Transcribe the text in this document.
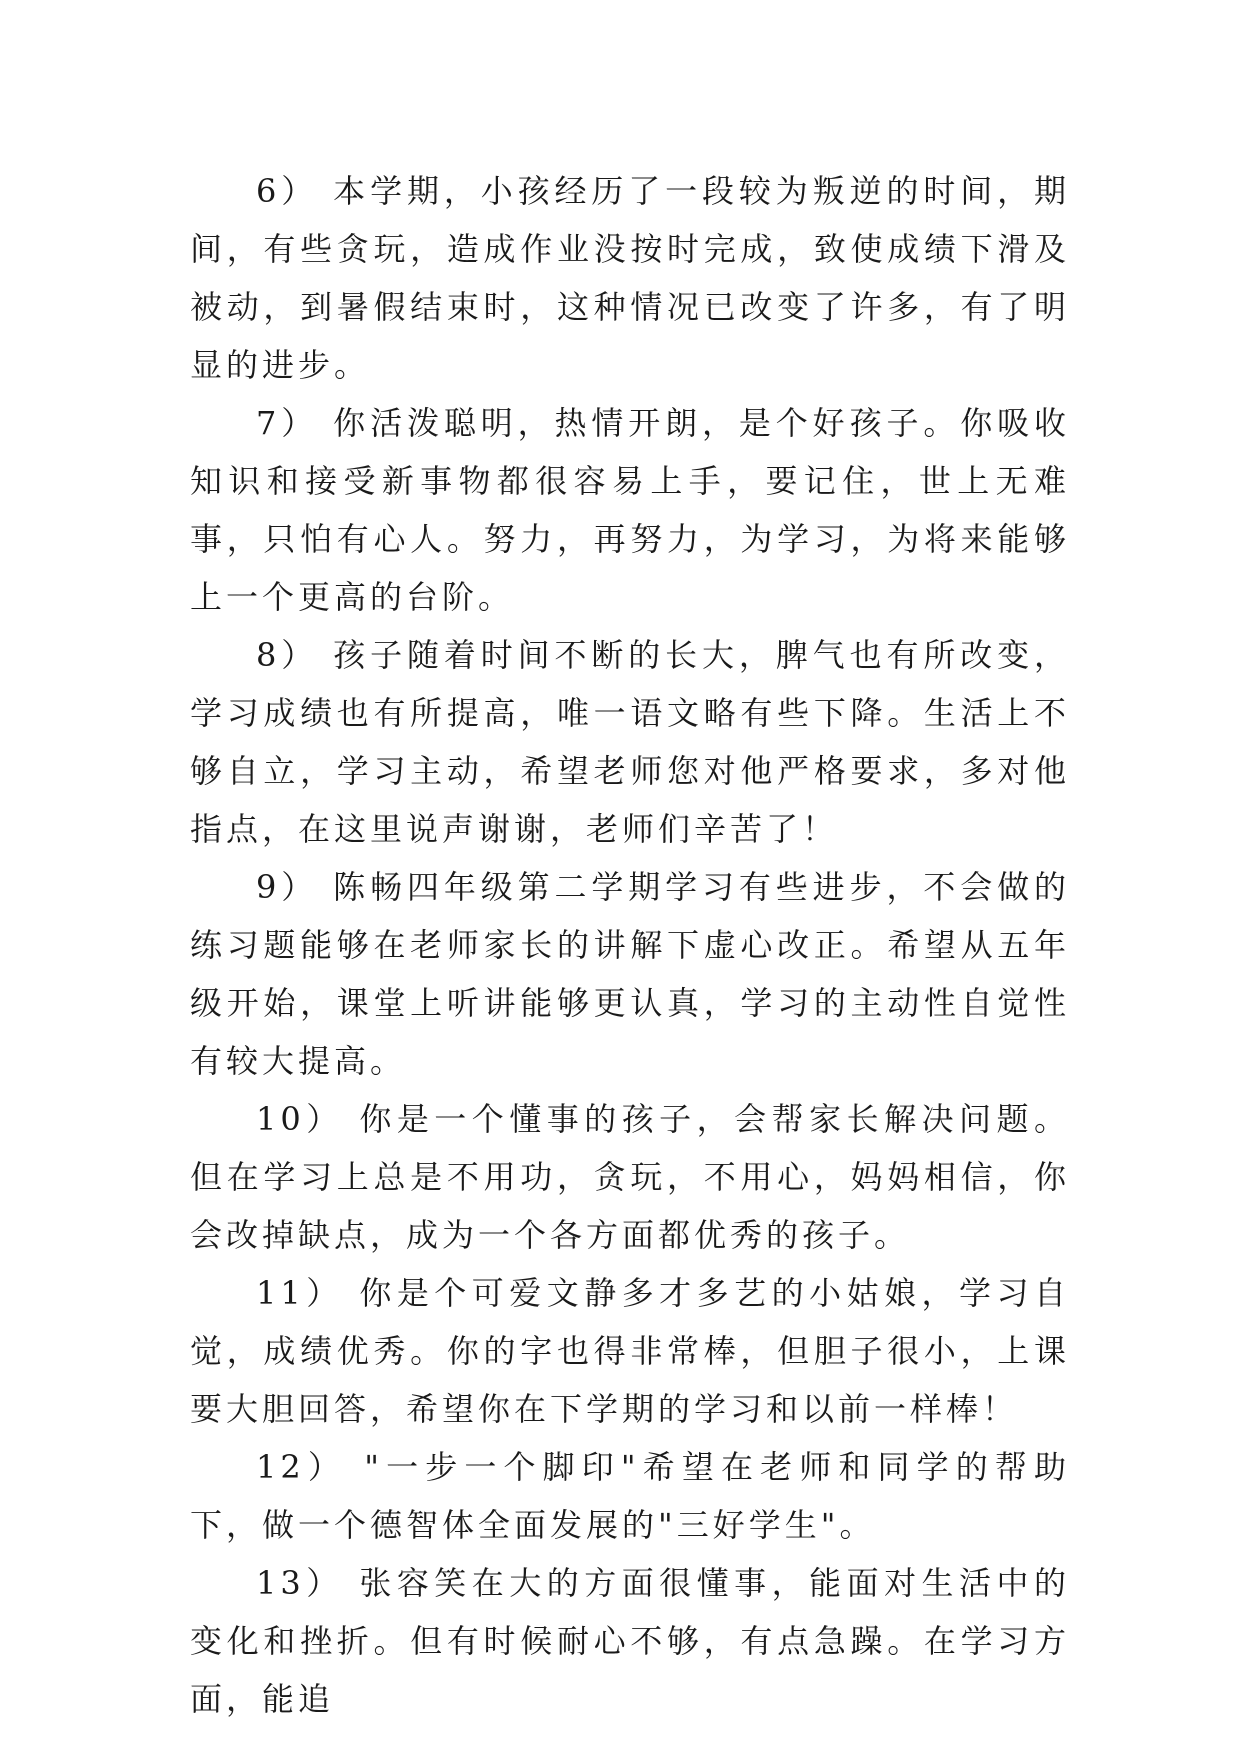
6） 本学期，小孩经历了一段较为叛逆的时间，期间，有些贪玩，造成作业没按时完成，致使成绩下滑及被动，到暑假结束时，这种情况已改变了许多，有了明显的进步。

7） 你活泼聪明，热情开朗，是个好孩子。你吸收知识和接受新事物都很容易上手，要记住，世上无难事，只怕有心人。努力，再努力，为学习，为将来能够上一个更高的台阶。

8） 孩子随着时间不断的长大，脾气也有所改变，学习成绩也有所提高，唯一语文略有些下降。生活上不够自立，学习主动，希望老师您对他严格要求，多对他指点，在这里说声谢谢，老师们辛苦了！

9） 陈畅四年级第二学期学习有些进步，不会做的练习题能够在老师家长的讲解下虚心改正。希望从五年级开始，课堂上听讲能够更认真，学习的主动性自觉性有较大提高。

10） 你是一个懂事的孩子，会帮家长解决问题。但在学习上总是不用功，贪玩，不用心，妈妈相信，你会改掉缺点，成为一个各方面都优秀的孩子。

11） 你是个可爱文静多才多艺的小姑娘，学习自觉，成绩优秀。你的字也得非常棒，但胆子很小，上课要大胆回答，希望你在下学期的学习和以前一样棒！

12） "一步一个脚印"希望在老师和同学的帮助下，做一个德智体全面发展的"三好学生"。

13） 张容笑在大的方面很懂事，能面对生活中的变化和挫折。但有时候耐心不够，有点急躁。在学习方面，能追
